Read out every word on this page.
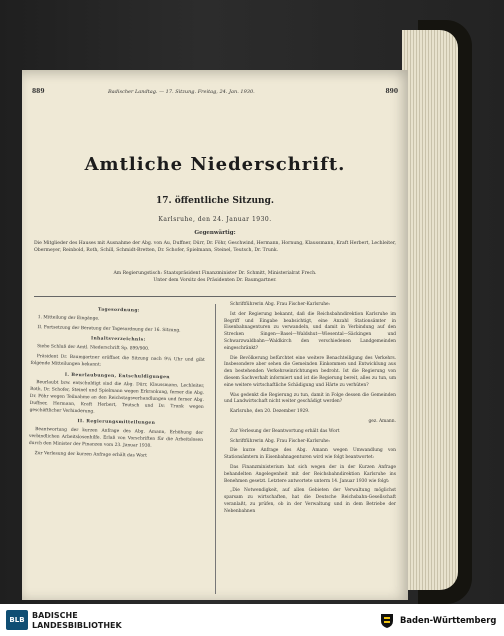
889	Badischer Landtag. — 17. Sitzung. Freitag, 24. Jan. 1930.	890
Amtliche Niederschrift.
17. öffentliche Sitzung.
Karlsruhe, den 24. Januar 1930.
Gegenwärtig:
Die Mitglieder des Hauses mit Ausnahme der Abg. von Au, Duffner, Dürr, Dr. Föhr, Geschwind, Hermann, Hornung, Klaussmann, Kraft Herbert, Lechleiter, Obermeyer, Reinbold, Roth, Schill, Schmidt-Bretten, Dr. Schofer, Spielmann, Steinel, Teutsch, Dr. Trunk.
Am Regierungstisch: Staatspräsident Finanzminister Dr. Schmitt, Ministerialrat Frech.
Unter dem Vorsitz des Präsidenten Dr. Baumgartner.
Tagesordnung:
1. Mitteilung der Eingänge.
II. Fortsetzung der Beratung der Tagesordnung der 16. Sitzung.
Inhaltsverzeichnis:
Siehe Schluß der Amtl. Niederschrift Sp. 899/900.
Präsident Dr. Baumgartner eröffnet die Sitzung nach 9¼ Uhr und gibt folgende Mitteilungen bekannt:
I. Beurlaubungen, Entschuldigungen
Beurlaubt bzw. entschuldigt sind die Abg. Dürr, Klaussmann, Lechleiter, Roth, Dr. Schofer, Steinel und Spielmann wegen Erkrankung, ferner die Abg. Dr. Föhr wegen Teilnahme an den Reichstagsverhandlungen und ferner Abg. Duffner, Hermann, Kraft Herbert, Teutsch und Dr. Trunk wegen geschäftlicher Verhinderung.
II. Regierungsmitteilungen
Beantwortung der kurzen Anfrage des Abg. Amann, Erhöhung der verbindlichen Arbeitslosenhilfe. Erlaß von Vorschriften für die Arbeitslosen durch den Minister der Finanzen vom 23. Januar 1930.
Zur Verlesung der kurzen Anfrage erhält das Wort
Schriftführerin Abg. Frau Fischer-Karlsruhe:
Ist der Regierung bekannt, daß die Reichsbahndirektion Karlsruhe im Begriff und Eingabe beabsichtigt, eine Anzahl Stationsämter in Eisenbahnagenturen zu verwandeln, und damit in Verbindung auf den Strecken Singen—Basel—Waldshut—Wiesental—Säckingen und Schwarzwaldbahn—Waldkirch den verschiedenen Landgemeinden eingeschränkt?
Die Bevölkerung befürchtet eine weitere Benachteiligung des Verkehrs. Insbesondere aber sehen die Gemeinden Einkommen und Entwicklung aus den bestehenden Verkehrseinrichtungen bedroht. Ist die Regierung von diesem Sachverhalt informiert und ist die Regierung bereit, alles zu tun, um eine weitere wirtschaftliche Schädigung und Härte zu verhüten?
Was gedenkt die Regierung zu tun, damit in Folge dessen die Gemeinden und Landwirtschaft nicht weiter geschädigt werden?
Karlsruhe, den 20. Dezember 1929.
gez. Amann.
Zur Verlesung der Beantwortung erhält das Wort
Schriftführerin Abg. Frau Fischer-Karlsruhe:
Die kurze Anfrage des Abg. Amann wegen Umwandlung von Stationsämtern in Eisenbahnagenturen wird wie folgt beantwortet:
Das Finanzministerium hat sich wegen der in der Kurzen Anfrage behandelten Angelegenheit mit der Reichsbahndirektion Karlsruhe ins Benehmen gesetzt. Letztere antwortete unterm 14. Januar 1930 wie folgt:
„Die Notwendigkeit, auf allen Gebieten der Verwaltung möglichst sparsam zu wirtschaften, hat die Deutsche Reichsbahn-Gesellschaft veranlaßt, zu prüfen, ob in der Verwaltung und in dem Betriebe der Nebenbahnen
BLB BADISCHE
LANDESBIBLIOTHEK
Baden-Württemberg
